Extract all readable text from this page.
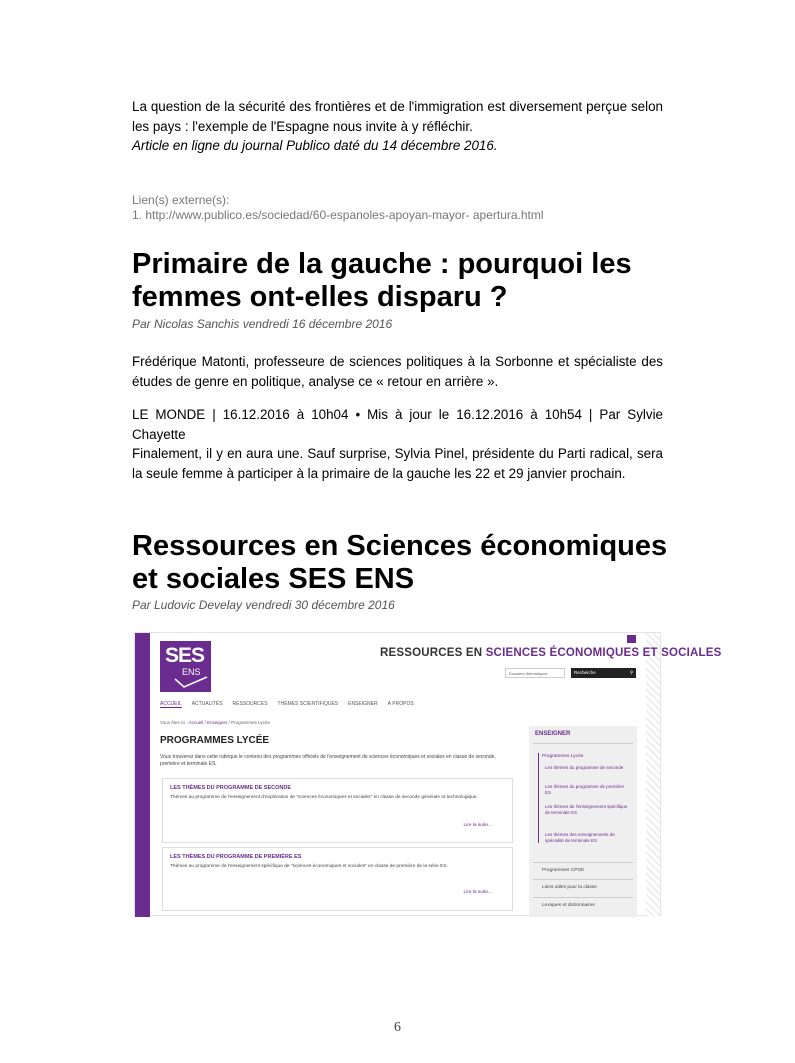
La question de la sécurité des frontières et de l'immigration est diversement perçue selon les pays : l'exemple de l'Espagne nous invite à y réfléchir.

Article en ligne du journal Publico daté du 14 décembre 2016.

Lien(s) externe(s):
1. http://www.publico.es/sociedad/60-espanoles-apoyan-mayor- apertura.html
Primaire de la gauche : pourquoi les femmes ont-elles disparu ?
Par Nicolas Sanchis vendredi 16 décembre 2016

Frédérique Matonti, professeure de sciences politiques à la Sorbonne et spécialiste des études de genre en politique, analyse ce « retour en arrière ».

LE MONDE | 16.12.2016 à 10h04 • Mis à jour le 16.12.2016 à 10h54 | Par Sylvie Chayette

Finalement, il y en aura une. Sauf surprise, Sylvia Pinel, présidente du Parti radical, sera la seule femme à participer à la primaire de la gauche les 22 et 29 janvier prochain.

Ressources en Sciences économiques et sociales SES ENS
Par Ludovic Develay vendredi 30 décembre 2016
SES
ENS
RESSOURCES EN SCIENCES ÉCONOMIQUES ET SOCIALES
Dossiers thématiques	Recherche	⚲
ACCUEIL ACTUALITÉS RESSOURCES THÈMES SCIENTIFIQUES ENSEIGNER À PROPOS
Vous êtes ici : Accueil / Enseigner / Programmes Lycée
PROGRAMMES LYCÉE
Vous trouverez dans cette rubrique le contenu des programmes officiels de l'enseignement de sciences économiques et sociales en classe de seconde, première et terminale ES.
LES THÈMES DU PROGRAMME DE SECONDE
Thèmes au programme de l'enseignement d'exploration de "sciences économiques et sociales" en classe de seconde générale et technologique.
Lire la suite...
LES THÈMES DU PROGRAMME DE PREMIÈRE ES
Thèmes au programme de l'enseignement spécifique de "sciences économiques et sociales" en classe de première de la série ES.
Lire la suite...
ENSEIGNER
Programmes Lycée
Les thèmes du programme de seconde
Les thèmes du programme de première ES
Les thèmes de l'enseignement spécifique de terminale ES
Les thèmes des enseignements de spécialité de terminale ES
Programmes CPGE
Liens utiles pour la classe
Lexiques et dictionnaires
6
